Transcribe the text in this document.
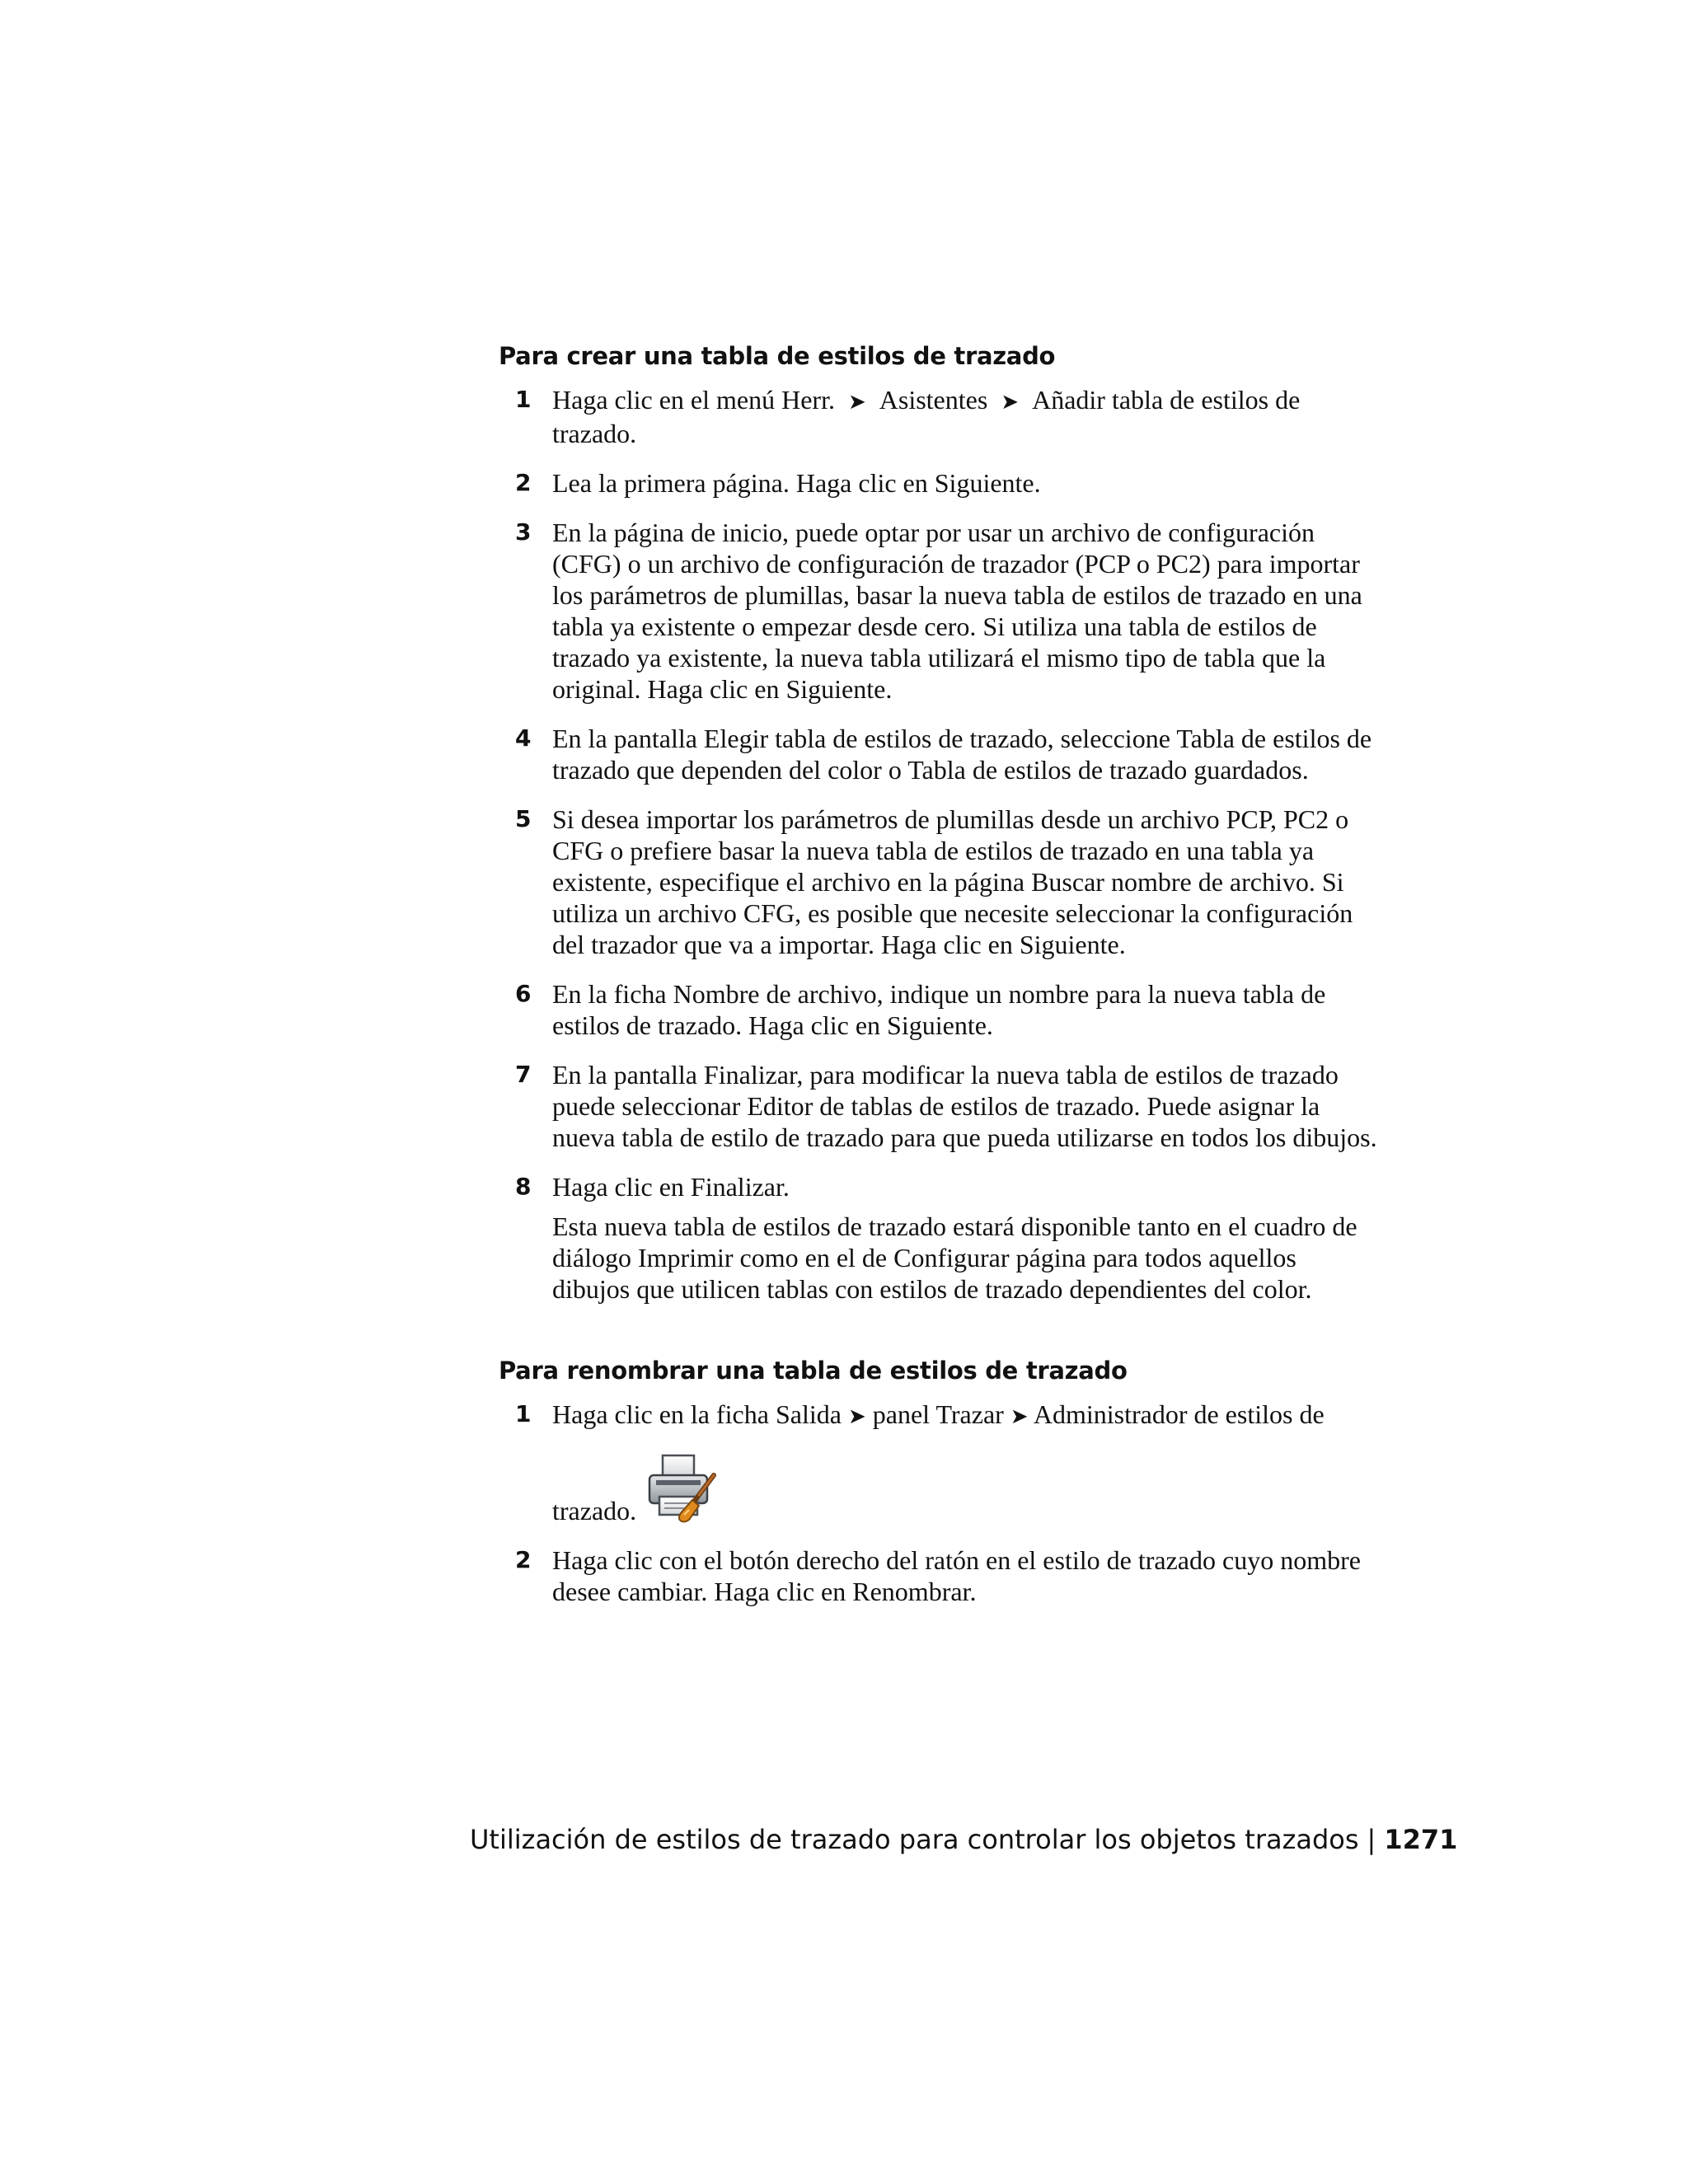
Para crear una tabla de estilos de trazado
1 Haga clic en el menú Herr. ➤ Asistentes ➤ Añadir tabla de estilos de trazado.

2 Lea la primera página. Haga clic en Siguiente.

3 En la página de inicio, puede optar por usar un archivo de configuración (CFG) o un archivo de configuración de trazador (PCP o PC2) para importar los parámetros de plumillas, basar la nueva tabla de estilos de trazado en una tabla ya existente o empezar desde cero. Si utiliza una tabla de estilos de trazado ya existente, la nueva tabla utilizará el mismo tipo de tabla que la original. Haga clic en Siguiente.

4 En la pantalla Elegir tabla de estilos de trazado, seleccione Tabla de estilos de trazado que dependen del color o Tabla de estilos de trazado guardados.

5 Si desea importar los parámetros de plumillas desde un archivo PCP, PC2 o CFG o prefiere basar la nueva tabla de estilos de trazado en una tabla ya existente, especifique el archivo en la página Buscar nombre de archivo. Si utiliza un archivo CFG, es posible que necesite seleccionar la configuración del trazador que va a importar. Haga clic en Siguiente.

6 En la ficha Nombre de archivo, indique un nombre para la nueva tabla de estilos de trazado. Haga clic en Siguiente.

7 En la pantalla Finalizar, para modificar la nueva tabla de estilos de trazado puede seleccionar Editor de tablas de estilos de trazado. Puede asignar la nueva tabla de estilo de trazado para que pueda utilizarse en todos los dibujos.

8 Haga clic en Finalizar.

Esta nueva tabla de estilos de trazado estará disponible tanto en el cuadro de diálogo Imprimir como en el de Configurar página para todos aquellos dibujos que utilicen tablas con estilos de trazado dependientes del color.

Para renombrar una tabla de estilos de trazado
1 Haga clic en la ficha Salida ➤ panel Trazar ➤ Administrador de estilos de

trazado.

2 Haga clic con el botón derecho del ratón en el estilo de trazado cuyo nombre desee cambiar. Haga clic en Renombrar.

Utilización de estilos de trazado para controlar los objetos trazados | 1271
